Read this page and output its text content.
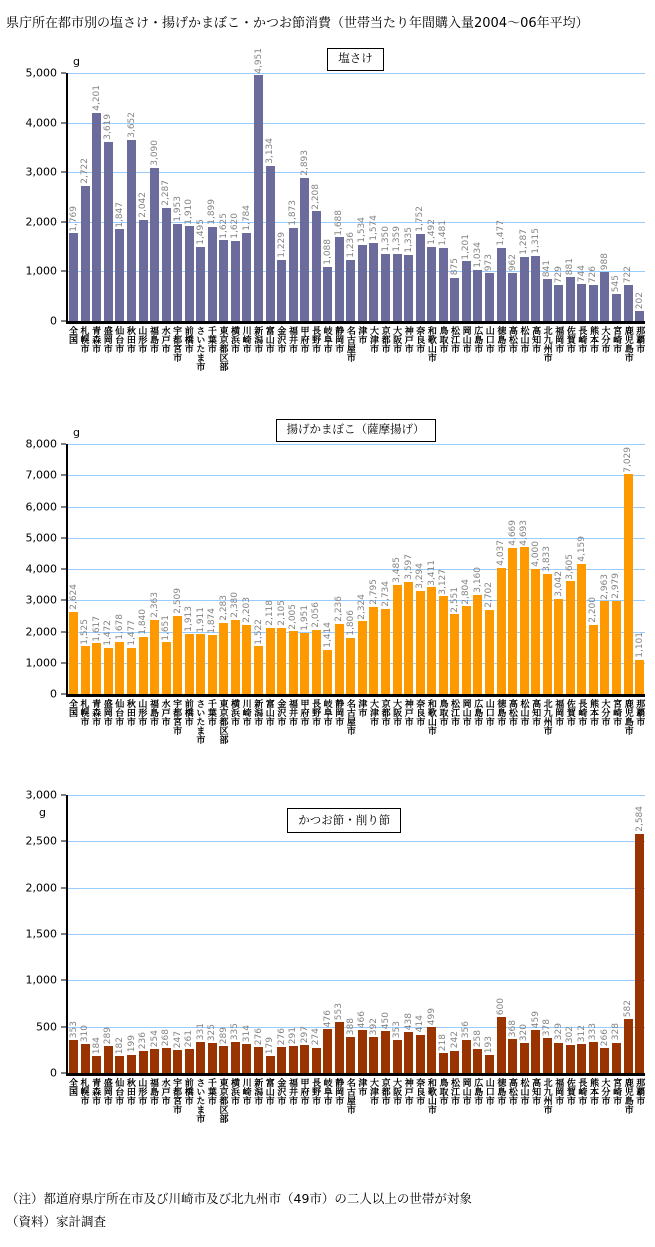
県庁所在都市別の塩さけ・揚げかまぼこ・かつお節消費（世帯当たり年間購入量2004～06年平均）
塩さけ
5,000
4,000
3,000
2,000
1,000
0
g
1,769
2,722
4,201
3,619
1,847
3,652
2,042
3,090
2,287
1,953 1,910
1,495
1,899
1,625 1,620 1,784
4,951
3,134
1,229
1,873
2,893
2,208
1,088
1,688
1,236
1,534 1,574 1,350 1,359 1,335
1,752
1,492 1,481
875
1,201 1,034 973
1,477
962
1,287 1,315
841 729 881 744 726
988
545
722
202
全国 札幌市 青森市 盛岡市 仙台市 秋田市 山形市 福島市 水戸市 宇都宮市 前橋市 さいたま市 千葉市 東京都区部 横浜市 川崎市 新潟市 富山市 金沢市 福井市 甲府市 長野市 岐阜市 静岡市 名古屋市 津市 大津市 京都市 大阪市 神戸市 奈良市 和歌山市 鳥取市 松江市 岡山市 広島市 山口市 徳島市 高松市 松山市 高知市 北九州市 福岡市 佐賀市 長崎市 熊本市 大分市 宮崎市 鹿児島市 那覇市
揚げかまぼこ（薩摩揚げ）
8,000
7,000
6,000
5,000
4,000
3,000
2,000
1,000
0
g
2,624
1,525 1,617 1,472 1,678 1,477 1,840
2,363
1,651
2,509
1,913 1,911 1,874 2,283 2,380 2,203
1,522
2,118 2,105 2,005 1,951 2,056
1,414
2,236
1,806
2,324
2,795 2,734
3,485 3,597 3,294 3,411 3,127
2,551 2,804 3,160
2,702
4,037
4,669 4,693
4,000 3,833
3,042
3,605
4,159
2,200
2,963 2,979
7,029
1,101
全国 札幌市 青森市 盛岡市 仙台市 秋田市 山形市 福島市 水戸市 宇都宮市 前橋市 さいたま市 千葉市 東京都区部 横浜市 川崎市 新潟市 富山市 金沢市 福井市 甲府市 長野市 岐阜市 静岡市 名古屋市 津市 大津市 京都市 大阪市 神戸市 奈良市 和歌山市 鳥取市 松江市 岡山市 広島市 山口市 徳島市 高松市 松山市 高知市 北九州市 福岡市 佐賀市 長崎市 熊本市 大分市 宮崎市 鹿児島市 那覇市
3,000
2,500
2,000
1,500
1,000
500
0
g
かつお節・削り節
353 310
184
289
182 199 236 254 268 247 261 331 325 289 335 314 276
179
276 291 297 274
476 553
388 466 392 450
353 438 414 499
218 242
356
258 193
600
368 320
459 378 329 302 312 333 266 328
582
2,584
全国 札幌市 青森市 盛岡市 仙台市 秋田市 山形市 福島市 水戸市 宇都宮市 前橋市 さいたま市 千葉市 東京都区部 横浜市 川崎市 新潟市 富山市 金沢市 福井市 甲府市 長野市 岐阜市 静岡市 名古屋市 津市 大津市 京都市 大阪市 神戸市 奈良市 和歌山市 鳥取市 松江市 岡山市 広島市 山口市 徳島市 高松市 松山市 高知市 北九州市 福岡市 佐賀市 長崎市 熊本市 大分市 宮崎市 鹿児島市 那覇市
（注）都道府県庁所在市及び川崎市及び北九州市（49市）の二人以上の世帯が対象
（資料）家計調査
